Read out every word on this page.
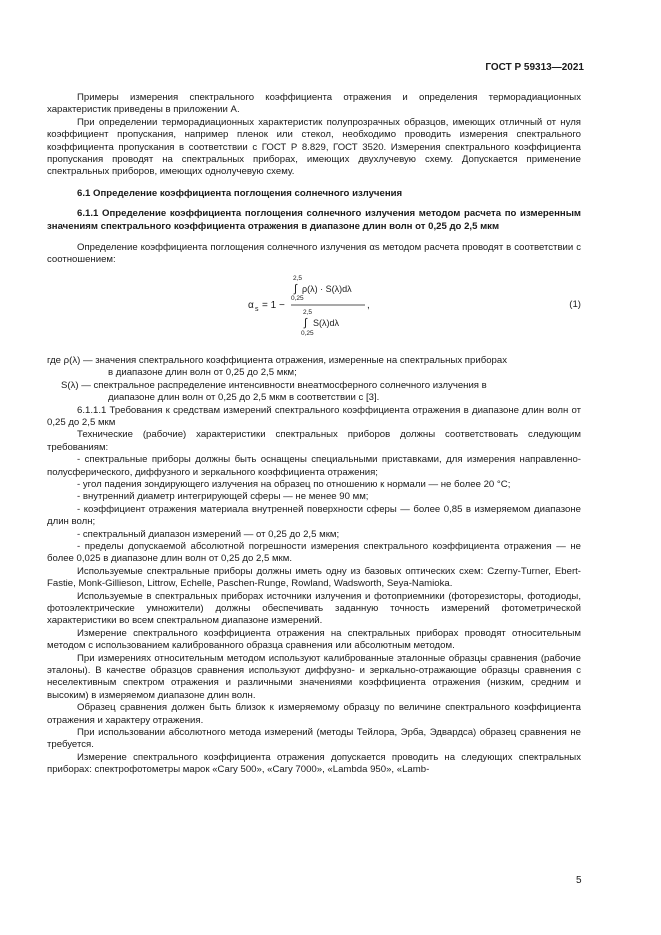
ГОСТ Р 59313—2021

Примеры измерения спектрального коэффициента отражения и определения терморадиационных характеристик приведены в приложении А.

При определении терморадиационных характеристик полупрозрачных образцов, имеющих отличный от нуля коэффициент пропускания, например пленок или стекол, необходимо проводить измерения спектрального коэффициента пропускания в соответствии с ГОСТ Р 8.829, ГОСТ 3520. Измерения спектрального коэффициента пропускания проводят на спектральных приборах, имеющих двухлучевую схему. Допускается применение спектральных приборов, имеющих однолучевую схему.

6.1 Определение коэффициента поглощения солнечного излучения

6.1.1 Определение коэффициента поглощения солнечного излучения методом расчета по измеренным значениям спектрального коэффициента отражения в диапазоне длин волн от 0,25 до 2,5 мкм

Определение коэффициента поглощения солнечного излучения αs методом расчета проводят в соответствии с соотношением:

α s = 1 −
2,5
∫
0,25
ρ(λ) · S(λ)dλ
2,5
∫
0,25
S(λ)dλ
,	(1)

где ρ(λ) — значения спектрального коэффициента отражения, измеренные на спектральных приборах

в диапазоне длин волн от 0,25 до 2,5 мкм;

S(λ) — спектральное распределение интенсивности внеатмосферного солнечного излучения в

диапазоне длин волн от 0,25 до 2,5 мкм в соответствии с [3].

6.1.1.1 Требования к средствам измерений спектрального коэффициента отражения в диапазоне длин волн от 0,25 до 2,5 мкм

Технические (рабочие) характеристики спектральных приборов должны соответствовать следующим требованиям:

- спектральные приборы должны быть оснащены специальными приставками, для измерения направленно-полусферического, диффузного и зеркального коэффициента отражения;

- угол падения зондирующего излучения на образец по отношению к нормали — не более 20 °С;

- внутренний диаметр интегрирующей сферы — не менее 90 мм;

- коэффициент отражения материала внутренней поверхности сферы — более 0,85 в измеряемом диапазоне длин волн;

- спектральный диапазон измерений — от 0,25 до 2,5 мкм;

- пределы допускаемой абсолютной погрешности измерения спектрального коэффициента отражения — не более 0,025 в диапазоне длин волн от 0,25 до 2,5 мкм.

Используемые спектральные приборы должны иметь одну из базовых оптических схем: Czerny-Turner, Ebert-Fastie, Monk-Gillieson, Littrow, Echelle, Paschen-Runge, Rowland, Wadsworth, Seya-Namioka.

Используемые в спектральных приборах источники излучения и фотоприемники (фоторезисторы, фотодиоды, фотоэлектрические умножители) должны обеспечивать заданную точность измерений фотометрической характеристики во всем спектральном диапазоне измерений.

Измерение спектрального коэффициента отражения на спектральных приборах проводят относительным методом с использованием калиброванного образца сравнения или абсолютным методом.

При измерениях относительным методом используют калиброванные эталонные образцы сравнения (рабочие эталоны). В качестве образцов сравнения используют диффузно- и зеркально-отражающие образцы сравнения с неселективным спектром отражения и различными значениями коэффициента отражения (низким, средним и высоким) в измеряемом диапазоне длин волн.

Образец сравнения должен быть близок к измеряемому образцу по величине спектрального коэффициента отражения и характеру отражения.

При использовании абсолютного метода измерений (методы Тейлора, Эрба, Эдвардса) образец сравнения не требуется.

Измерение спектрального коэффициента отражения допускается проводить на следующих спектральных приборах: спектрофотометры марок «Cary 500», «Cary 7000», «Lambda 950», «Lamb-

5
